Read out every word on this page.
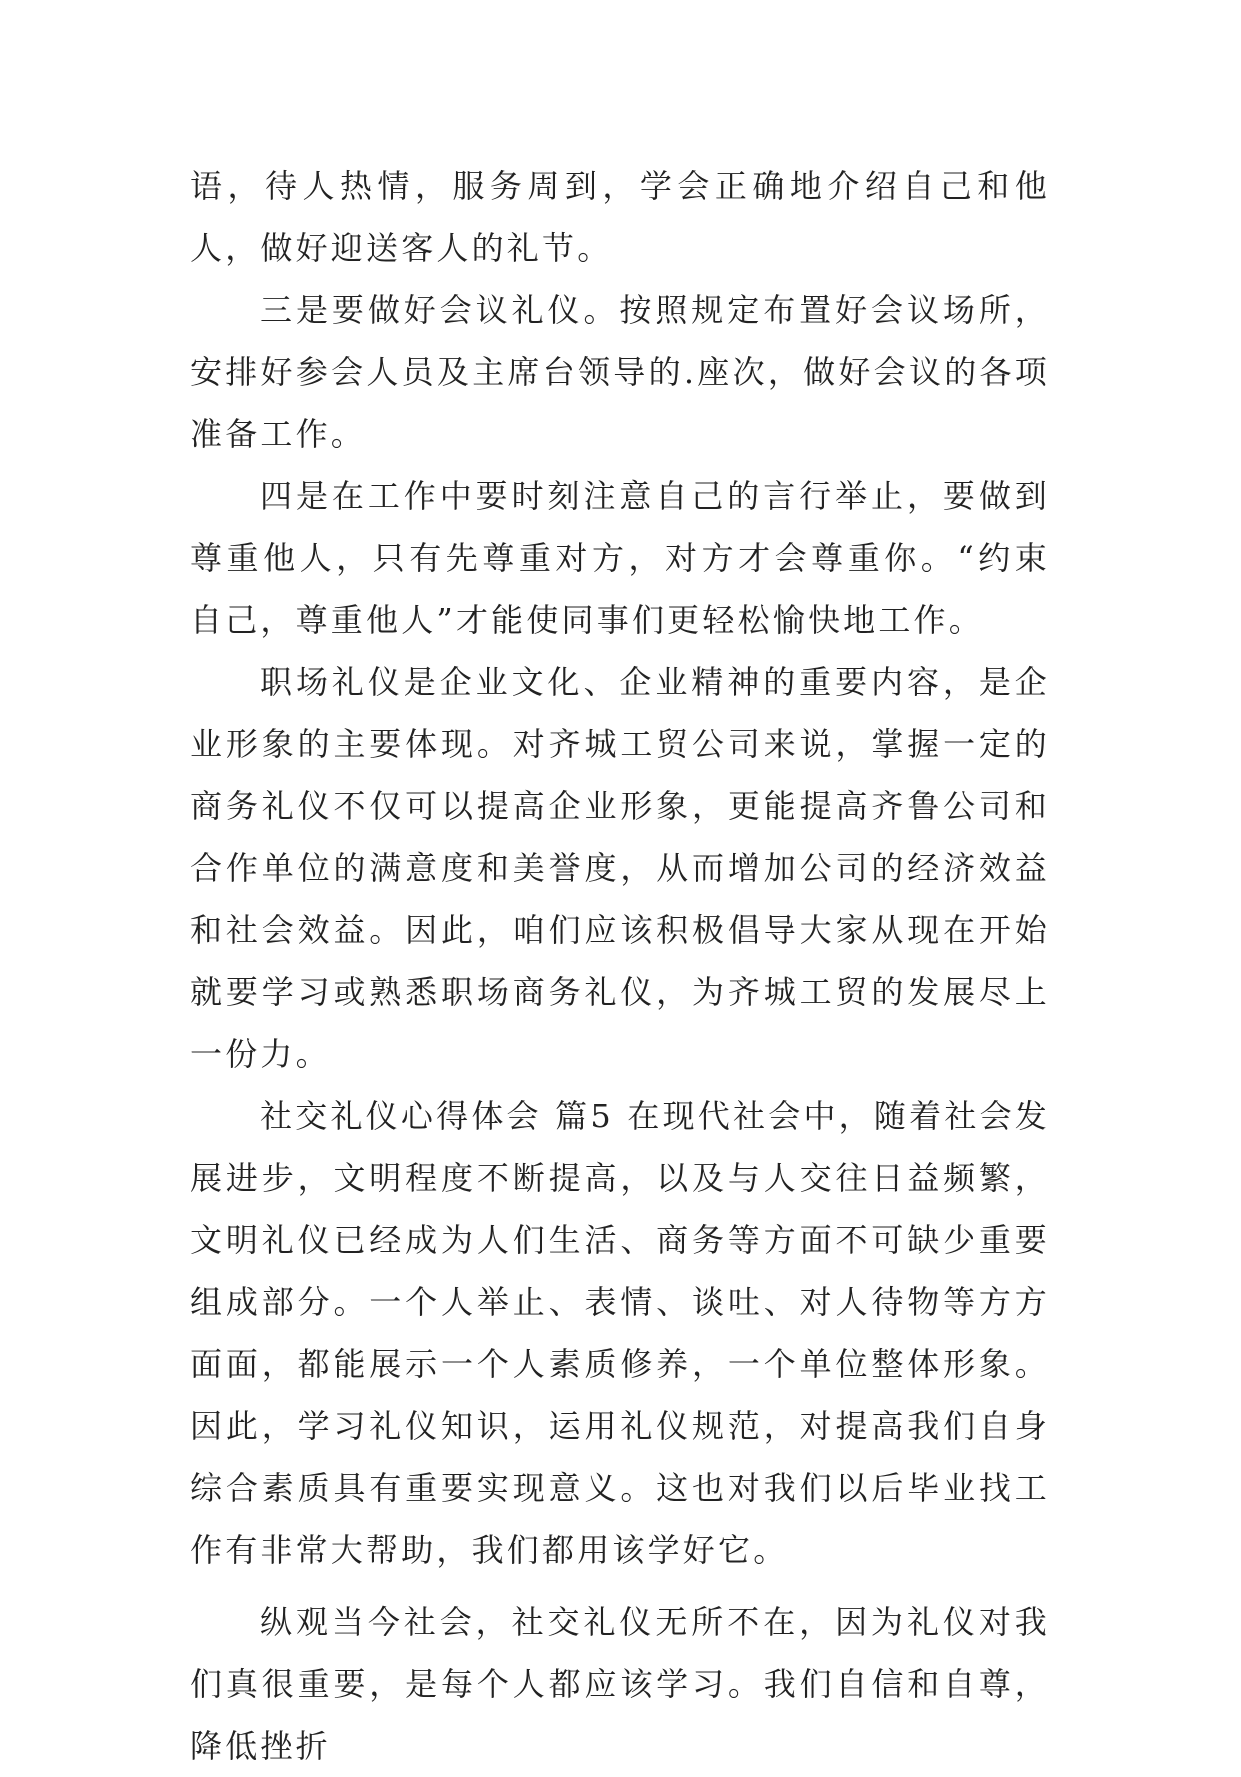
语，待人热情，服务周到，学会正确地介绍自己和他人，做好迎送客人的礼节。

三是要做好会议礼仪。按照规定布置好会议场所，安排好参会人员及主席台领导的.座次，做好会议的各项准备工作。

四是在工作中要时刻注意自己的言行举止，要做到尊重他人，只有先尊重对方，对方才会尊重你。“约束自己，尊重他人”才能使同事们更轻松愉快地工作。

职场礼仪是企业文化、企业精神的重要内容，是企业形象的主要体现。对齐城工贸公司来说，掌握一定的商务礼仪不仅可以提高企业形象，更能提高齐鲁公司和合作单位的满意度和美誉度，从而增加公司的经济效益和社会效益。因此，咱们应该积极倡导大家从现在开始就要学习或熟悉职场商务礼仪，为齐城工贸的发展尽上一份力。

社交礼仪心得体会 篇5 在现代社会中，随着社会发展进步，文明程度不断提高，以及与人交往日益频繁，文明礼仪已经成为人们生活、商务等方面不可缺少重要组成部分。一个人举止、表情、谈吐、对人待物等方方面面，都能展示一个人素质修养，一个单位整体形象。因此，学习礼仪知识，运用礼仪规范，对提高我们自身综合素质具有重要实现意义。这也对我们以后毕业找工作有非常大帮助，我们都用该学好它。

纵观当今社会，社交礼仪无所不在，因为礼仪对我们真很重要，是每个人都应该学习。我们自信和自尊，降低挫折
